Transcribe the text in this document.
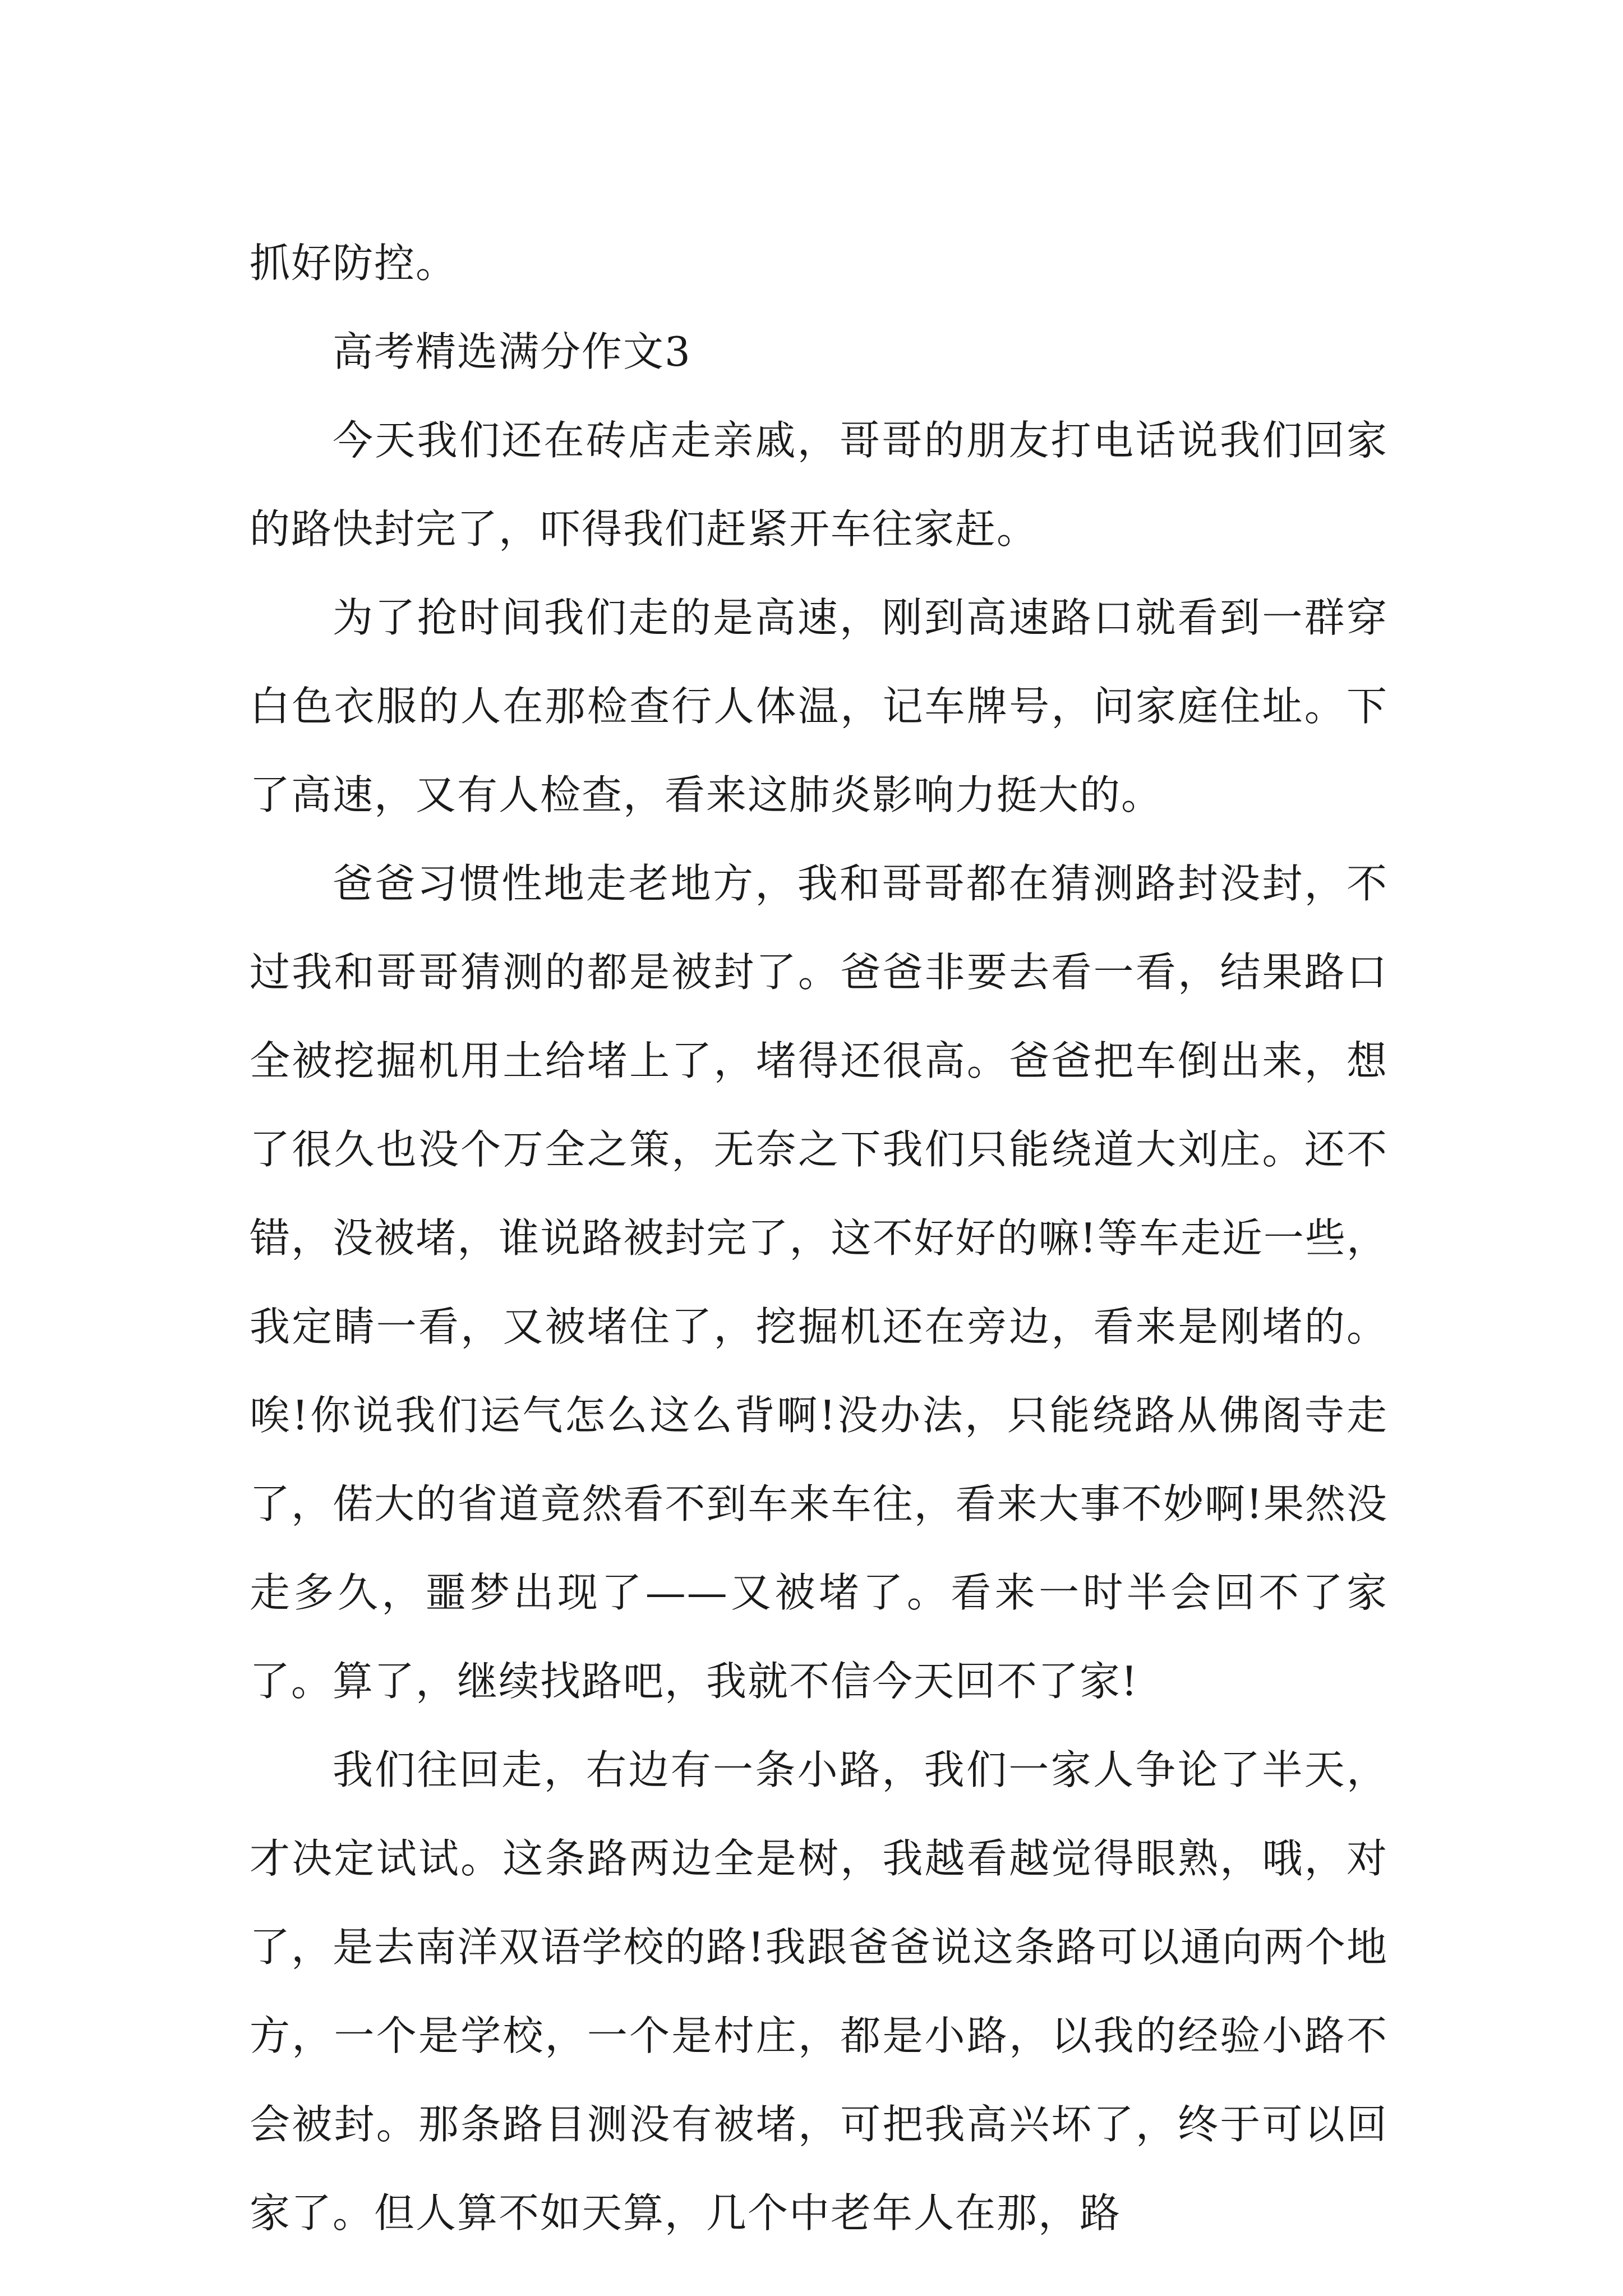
抓好防控。

高考精选满分作文3

今天我们还在砖店走亲戚，哥哥的朋友打电话说我们回家的路快封完了，吓得我们赶紧开车往家赶。

为了抢时间我们走的是高速，刚到高速路口就看到一群穿白色衣服的人在那检查行人体温，记车牌号，问家庭住址。下了高速，又有人检查，看来这肺炎影响力挺大的。

爸爸习惯性地走老地方，我和哥哥都在猜测路封没封，不过我和哥哥猜测的都是被封了。爸爸非要去看一看，结果路口全被挖掘机用土给堵上了，堵得还很高。爸爸把车倒出来，想了很久也没个万全之策，无奈之下我们只能绕道大刘庄。还不错，没被堵，谁说路被封完了，这不好好的嘛!等车走近一些，我定睛一看，又被堵住了，挖掘机还在旁边，看来是刚堵的。唉!你说我们运气怎么这么背啊!没办法，只能绕路从佛阁寺走了，偌大的省道竟然看不到车来车往，看来大事不妙啊!果然没走多久，噩梦出现了——又被堵了。看来一时半会回不了家了。算了，继续找路吧，我就不信今天回不了家!

我们往回走，右边有一条小路，我们一家人争论了半天，才决定试试。这条路两边全是树，我越看越觉得眼熟，哦，对了，是去南洋双语学校的路!我跟爸爸说这条路可以通向两个地方，一个是学校，一个是村庄，都是小路，以我的经验小路不会被封。那条路目测没有被堵，可把我高兴坏了，终于可以回家了。但人算不如天算，几个中老年人在那，路
